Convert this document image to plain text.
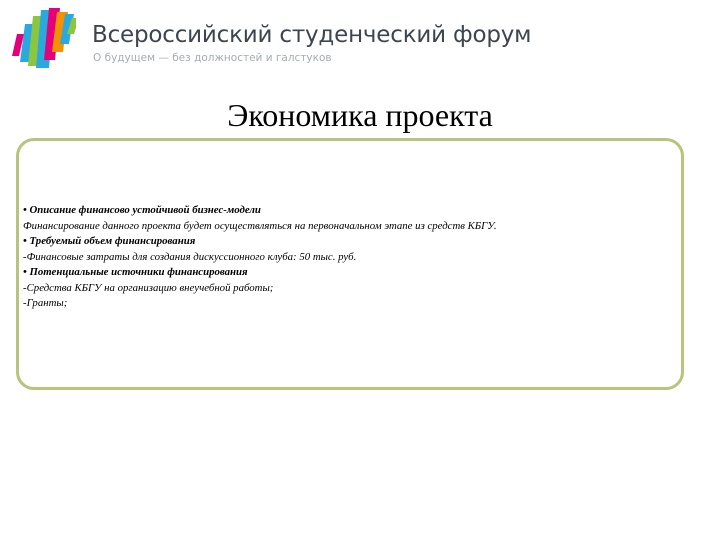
Всероссийский студенческий форум
О будущем — без должностей и галстуков
Экономика проекта
• Описание финансово устойчивой бизнес-модели
Финансирование данного проекта будет осуществляться на первоначальном этапе из средств КБГУ.
• Требуемый объем финансирования
-Финансовые затраты для создания дискуссионного клуба: 50 тыс. руб.
• Потенциальные источники финансирования
-Средства КБГУ на организацию внеучебной работы;
-Гранты;
